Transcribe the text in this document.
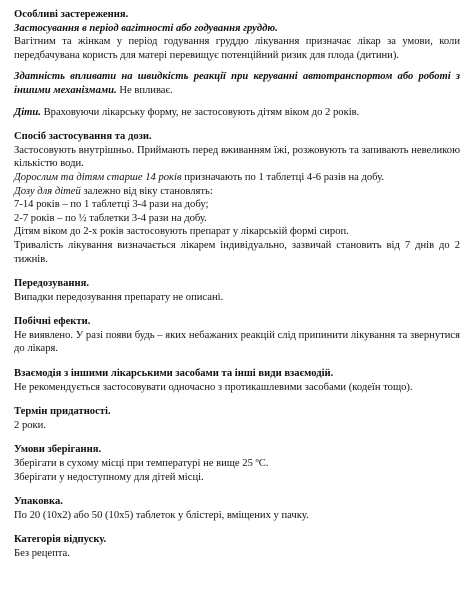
Особливі застереження.

Застосування в період вагітності або годування груддю.

Вагітним та жінкам у період годування груддю лікування призначає лікар за умови, коли передбачувана користь для матері перевищує потенційний ризик для плода (дитини).

Здатність впливати на швидкість реакції при керуванні автотранспортом або роботі з іншими механізмами. Не впливає.

Діти. Враховуючи лікарську форму, не застосовують дітям віком до 2 років.

Спосіб застосування та дози.

Застосовують внутрішньо. Приймають перед вживанням їжі, розжовують та запивають невеликою кількістю води.

Дорослим та дітям старше 14 років призначають по 1 таблетці 4-6 разів на добу.

Дозу для дітей залежно від віку становлять:

7-14 років – по 1 таблетці 3-4 рази на добу;

2-7 років – по ½ таблетки 3-4 рази на добу.

Дітям віком до 2-х років застосовують препарат у лікарській формі сироп.

Тривалість лікування визначається лікарем індивідуально, зазвичай становить від 7 днів до 2 тижнів.

Передозування.

Випадки передозування препарату не описані.

Побічні ефекти.

Не виявлено. У разі появи будь – яких небажаних реакцій слід припинити лікування та звернутися до лікаря.

Взаємодія з іншими лікарськими засобами та інші види взаємодій.

Не рекомендується застосовувати одночасно з протикашлевими засобами (кодеїн тощо).

Термін придатності.

2 роки.

Умови зберігання.

Зберігати в сухому місці при температурі не вище 25 ºС.

Зберігати у недоступному для дітей місці.

Упаковка.

По 20 (10х2) або 50 (10х5) таблеток у блістері, вміщених у пачку.

Категорія відпуску.

Без рецепта.
